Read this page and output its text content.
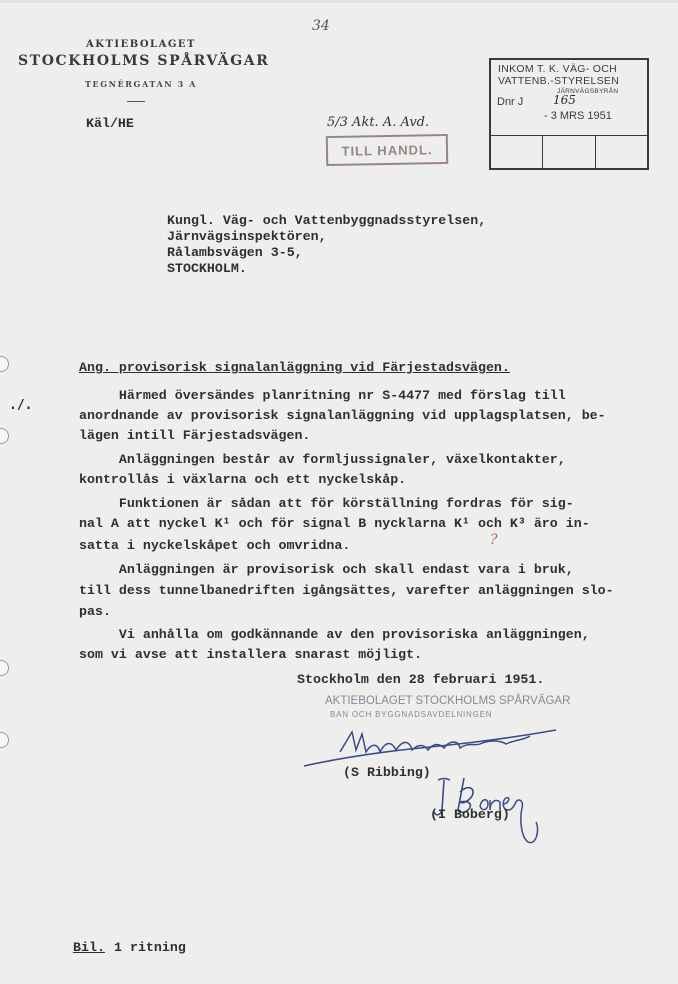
34
AKTIEBOLAGET
STOCKHOLMS SPÅRVÄGAR
TEGNÉRGATAN 3 A
INKOM T. K. VÄG- OCH
VATTENB.-STYRELSEN
JÄRNVÄGSBYRÅN
Dnr J 165
- 3 MRS 1951
Käl/HE	5/3 Akt. A. Avd.
TILL HANDL.
Kungl. Väg- och Vattenbyggnadsstyrelsen,
Järnvägsinspektören,
Rålambsvägen 3-5,
STOCKHOLM.
Ang. provisorisk signalanläggning vid Färjestadsvägen.
Härmed översändes planritning nr S-4477 med förslag till
anordnande av provisorisk signalanläggning vid upplagsplatsen, be-
lägen intill Färjestadsvägen.
Anläggningen består av formljussignaler, växelkontakter,
kontrollås i växlarna och ett nyckelskåp.
Funktionen är sådan att för körställning fordras för sig-
nal A att nyckel K¹ och för signal B nycklarna K¹ och K³ äro in-
satta i nyckelskåpet och omvridna.
Anläggningen är provisorisk och skall endast vara i bruk,
till dess tunnelbanedriften igångsättes, varefter anläggningen slo-
pas.
Vi anhålla om godkännande av den provisoriska anläggningen,
som vi avse att installera snarast möjligt.
?
./.
Stockholm den 28 februari 1951.
AKTIEBOLAGET STOCKHOLMS SPÅRVÄGAR
BAN OCH BYGGNADSAVDELNINGEN
(S Ribbing)
(I Boberg)
Bil. 1 ritning
